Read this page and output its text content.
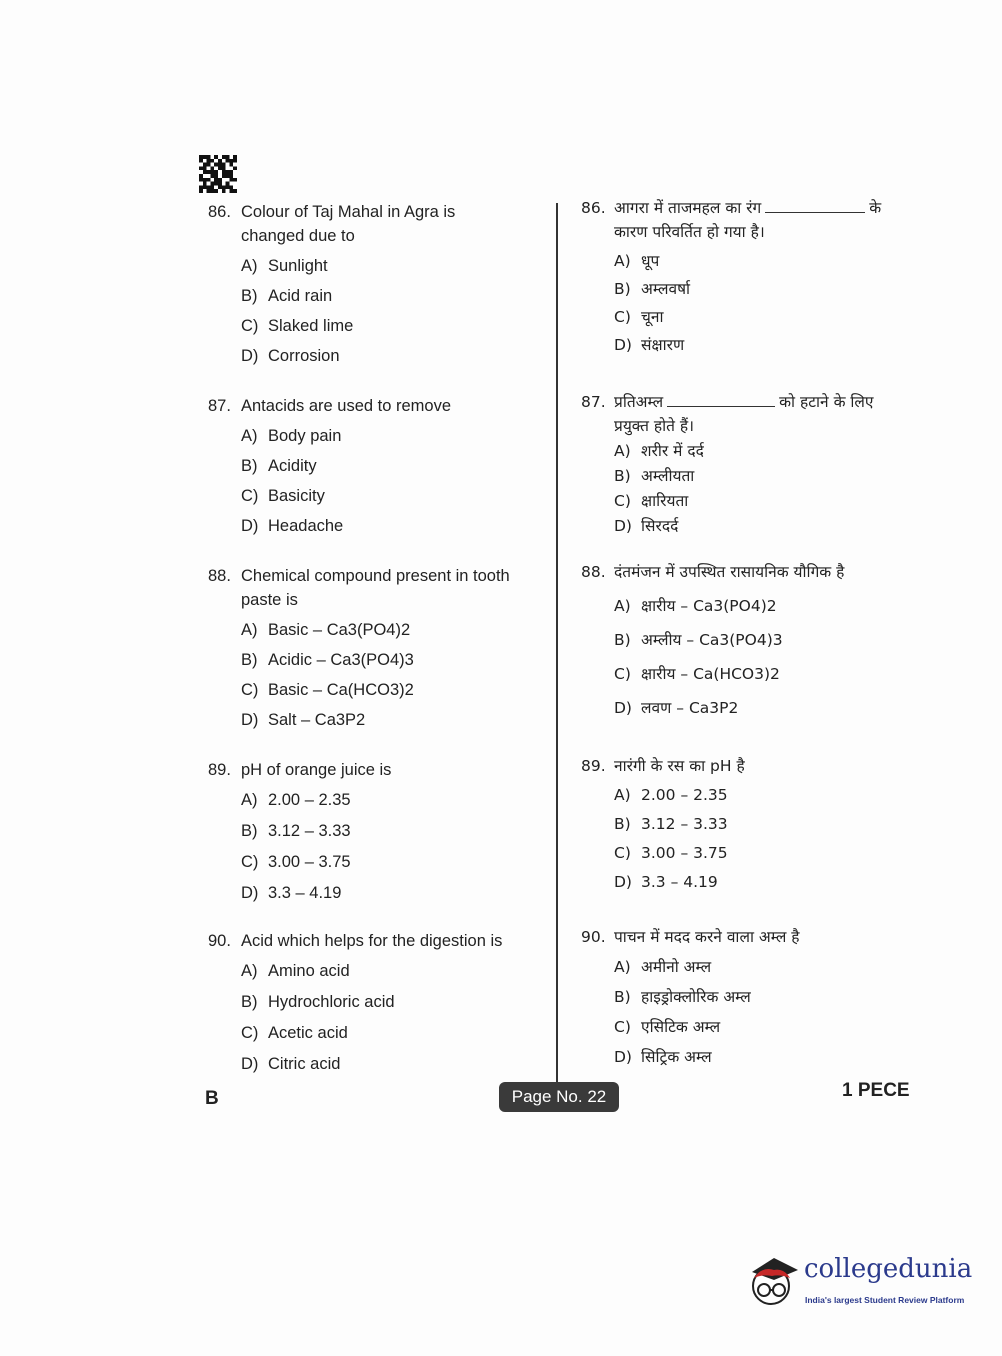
86. Colour of Taj Mahal in Agra is
changed due to
A) Sunlight
B) Acid rain
C) Slaked lime
D) Corrosion
87. Antacids are used to remove
A) Body pain
B) Acidity
C) Basicity
D) Headache
88. Chemical compound present in tooth
paste is
A) Basic – Ca3(PO4)2
B) Acidic – Ca3(PO4)3
C) Basic – Ca(HCO3)2
D) Salt – Ca3P2
89. pH of orange juice is
A) 2.00 – 2.35
B) 3.12 – 3.33
C) 3.00 – 3.75
D) 3.3 – 4.19
90. Acid which helps for the digestion is
A) Amino acid
B) Hydrochloric acid
C) Acetic acid
D) Citric acid
86. आगरा में ताजमहल का रंग	के
कारण परिवर्तित हो गया है।
A) धूप
B) अम्लवर्षा
C) चूना
D) संक्षारण
87. प्रतिअम्ल	को हटाने के लिए
प्रयुक्त होते हैं।
A) शरीर में दर्द
B) अम्लीयता
C) क्षारियता
D) सिरदर्द
88. दंतमंजन में उपस्थित रासायनिक यौगिक है
A) क्षारीय – Ca3(PO4)2
B) अम्लीय – Ca3(PO4)3
C) क्षारीय – Ca(HCO3)2
D) लवण – Ca3P2
89. नारंगी के रस का pH है
A) 2.00 – 2.35
B) 3.12 – 3.33
C) 3.00 – 3.75
D) 3.3 – 4.19
90. पाचन में मदद करने वाला अम्ल है
A) अमीनो अम्ल
B) हाइड्रोक्लोरिक अम्ल
C) एसिटिक अम्ल
D) सिट्रिक अम्ल
B	Page No. 22	1 PECE
collegedunia
India's largest Student Review Platform
